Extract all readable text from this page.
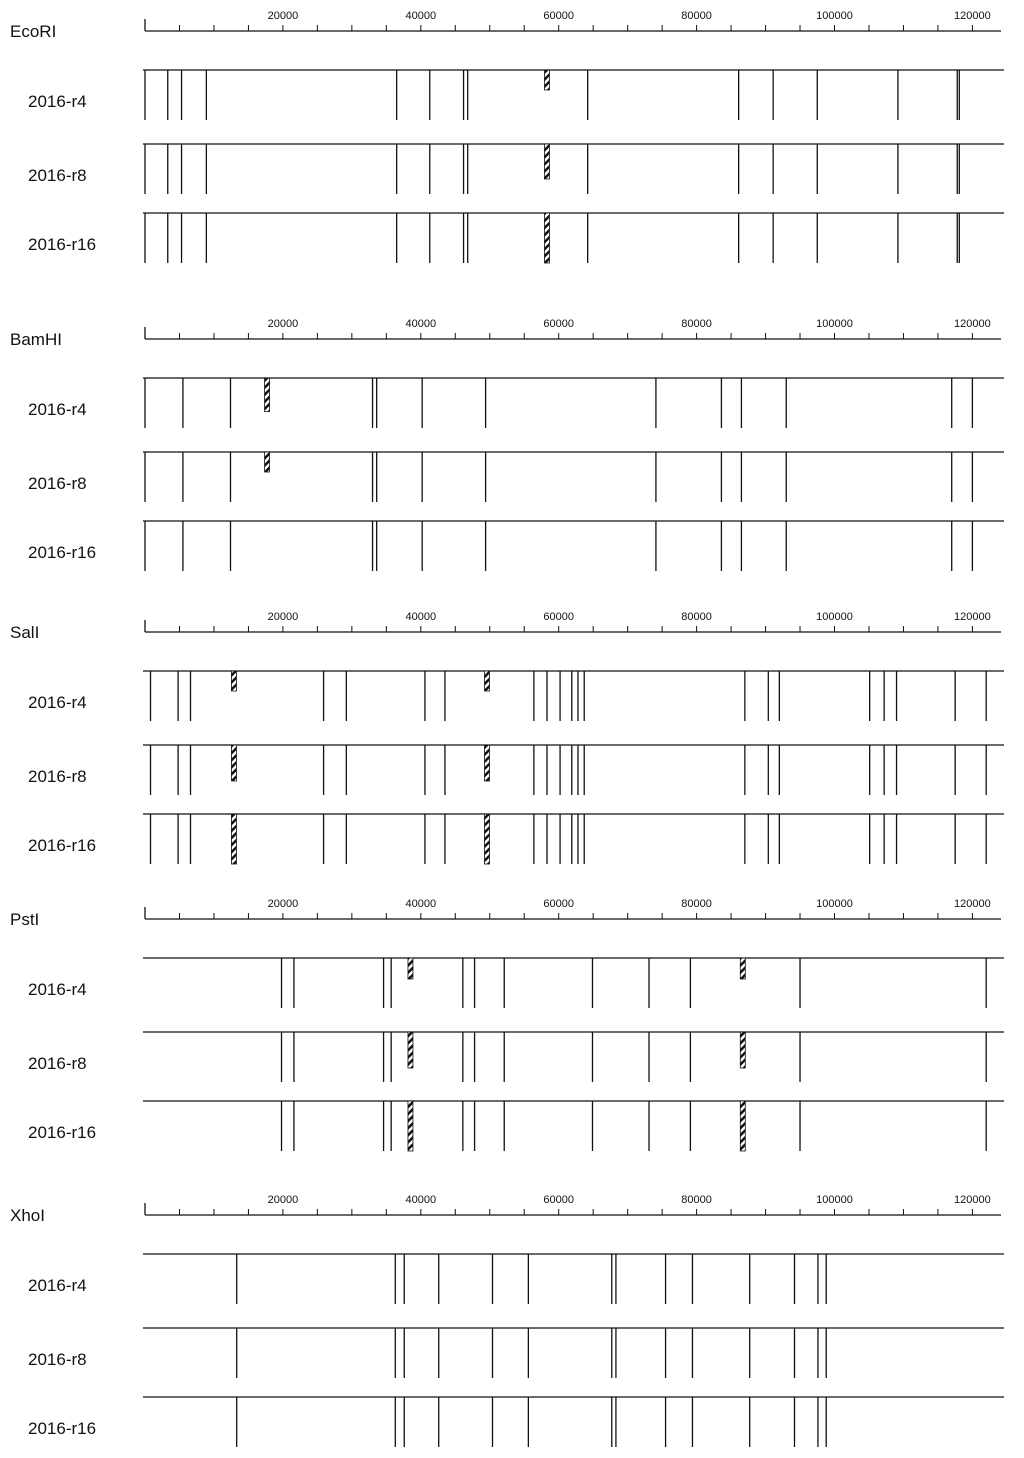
EcoRI
20000	40000	60000	80000	100000	120000
2016-r4
2016-r8
2016-r16
BamHI
20000	40000	60000	80000	100000	120000
2016-r4
2016-r8
2016-r16
SalI
20000	40000	60000	80000	100000	120000
2016-r4
2016-r8
2016-r16
PstI
20000	40000	60000	80000	100000	120000
2016-r4
2016-r8
2016-r16
XhoI
20000	40000	60000	80000	100000	120000
2016-r4
2016-r8
2016-r16
